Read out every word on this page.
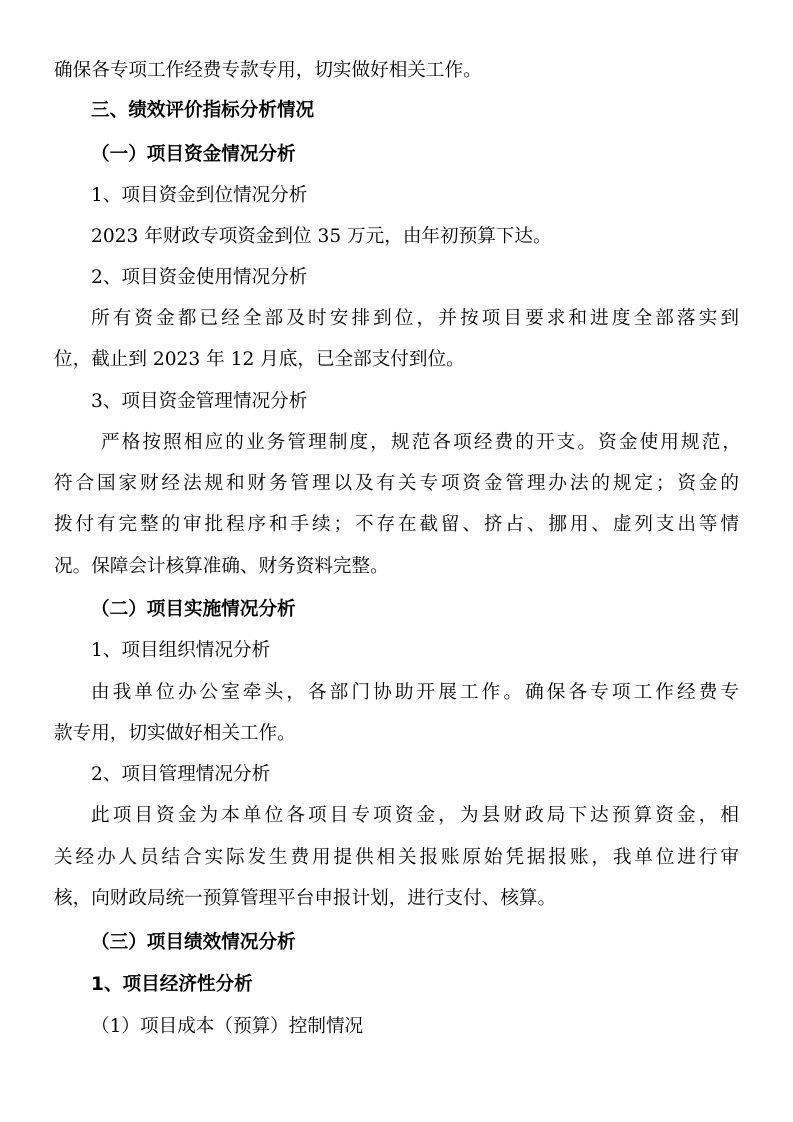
确保各专项工作经费专款专用，切实做好相关工作。
三、绩效评价指标分析情况
（一）项目资金情况分析
1、项目资金到位情况分析
2023 年财政专项资金到位 35 万元，由年初预算下达。
2、项目资金使用情况分析
所有资金都已经全部及时安排到位，并按项目要求和进度全部落实到
位，截止到 2023 年 12 月底，已全部支付到位。
3、项目资金管理情况分析
严格按照相应的业务管理制度，规范各项经费的开支。资金使用规范，
符合国家财经法规和财务管理以及有关专项资金管理办法的规定；资金的
拨付有完整的审批程序和手续；不存在截留、挤占、挪用、虚列支出等情
况。保障会计核算准确、财务资料完整。
（二）项目实施情况分析
1、项目组织情况分析
由我单位办公室牵头，各部门协助开展工作。确保各专项工作经费专
款专用，切实做好相关工作。
2、项目管理情况分析
此项目资金为本单位各项目专项资金，为县财政局下达预算资金，相
关经办人员结合实际发生费用提供相关报账原始凭据报账，我单位进行审
核，向财政局统一预算管理平台申报计划，进行支付、核算。
（三）项目绩效情况分析
1、项目经济性分析
（1）项目成本（预算）控制情况
